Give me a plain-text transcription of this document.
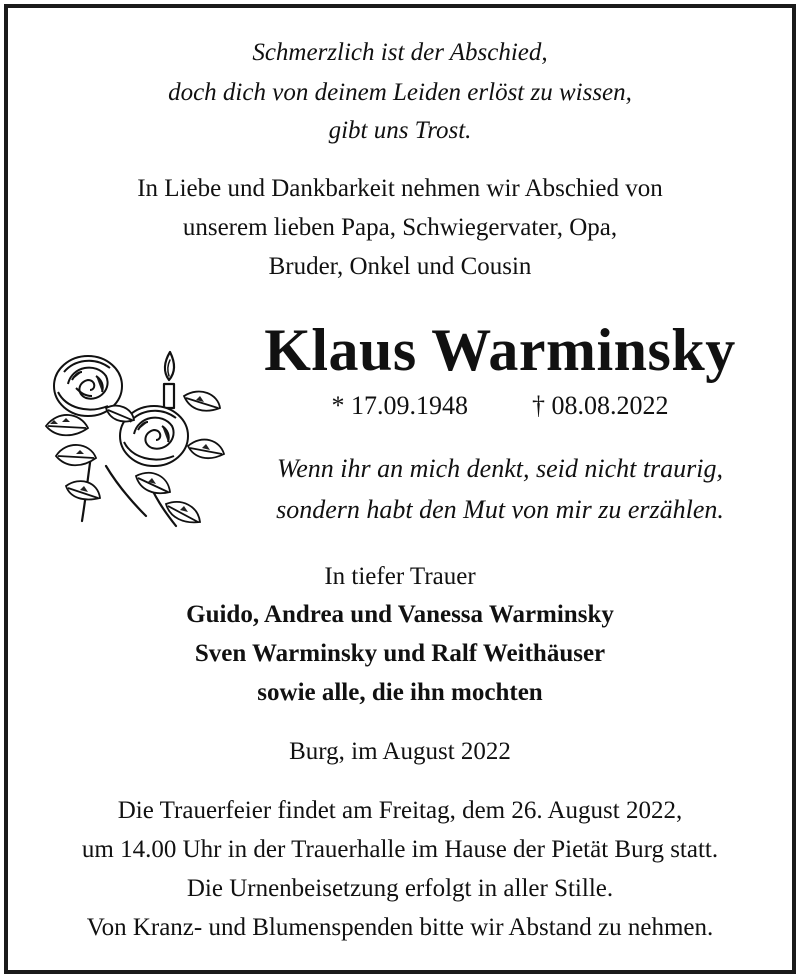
Schmerzlich ist der Abschied,
doch dich von deinem Leiden erlöst zu wissen,
gibt uns Trost.
In Liebe und Dankbarkeit nehmen wir Abschied von
unserem lieben Papa, Schwiegervater, Opa,
Bruder, Onkel und Cousin
Klaus Warminsky
* 17.09.1948 † 08.08.2022
Wenn ihr an mich denkt, seid nicht traurig,
sondern habt den Mut von mir zu erzählen.
In tiefer Trauer
Guido, Andrea und Vanessa Warminsky
Sven Warminsky und Ralf Weithäuser
sowie alle, die ihn mochten
Burg, im August 2022
Die Trauerfeier findet am Freitag, dem 26. August 2022,
um 14.00 Uhr in der Trauerhalle im Hause der Pietät Burg statt.
Die Urnenbeisetzung erfolgt in aller Stille.
Von Kranz- und Blumenspenden bitte wir Abstand zu nehmen.
